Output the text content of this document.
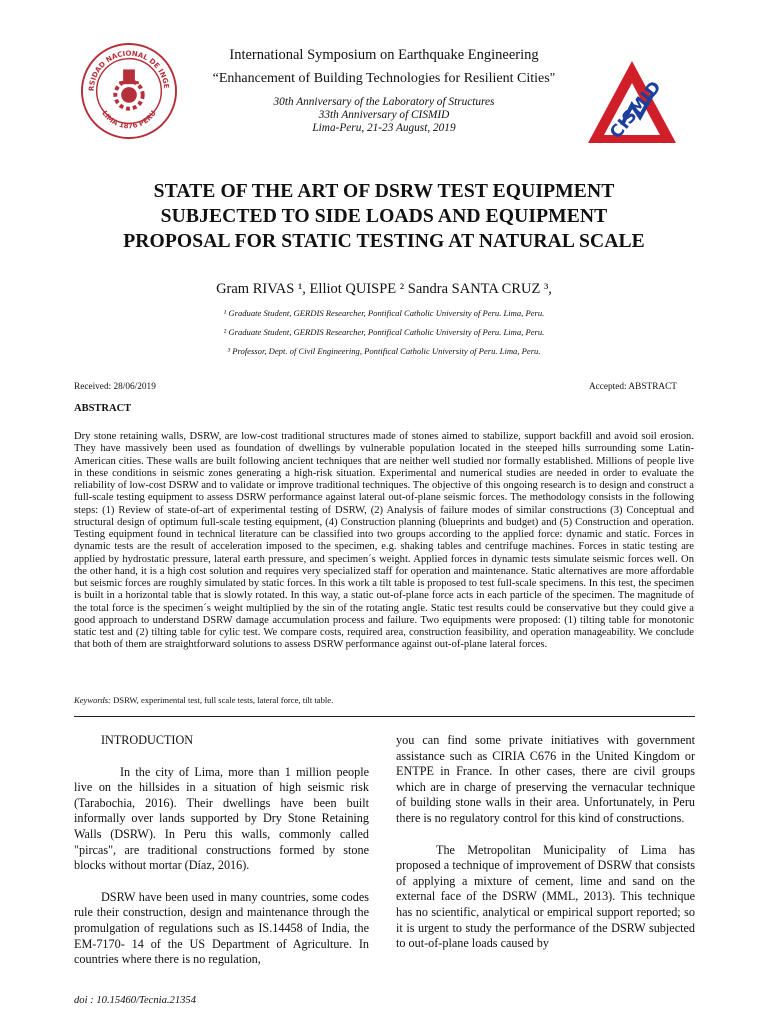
RSIDAD NACIONAL DE INGE
LIMA 1876 PERU	CISMID
International Symposium on Earthquake Engineering
“Enhancement of Building Technologies for Resilient Cities"
30th Anniversary of the Laboratory of Structures
33th Anniversary of CISMID
Lima-Peru, 21-23 August, 2019
STATE OF THE ART OF DSRW TEST EQUIPMENT
SUBJECTED TO SIDE LOADS AND EQUIPMENT
PROPOSAL FOR STATIC TESTING AT NATURAL SCALE
Gram RIVAS ¹, Elliot QUISPE ² Sandra SANTA CRUZ ³,
¹ Graduate Student, GERDIS Researcher, Pontifical Catholic University of Peru. Lima, Peru.
² Graduate Student, GERDIS Researcher, Pontifical Catholic University of Peru. Lima, Peru.
³ Professor, Dept. of Civil Engineering, Pontifical Catholic University of Peru. Lima, Peru.
Received: 28/06/2019	Accepted: ABSTRACT
ABSTRACT
Dry stone retaining walls, DSRW, are low-cost traditional structures made of stones aimed to stabilize, support backfill and avoid soil erosion. They have massively been used as foundation of dwellings by vulnerable population located in the steeped hills surrounding some Latin-American cities. These walls are built following ancient techniques that are neither well studied nor formally established. Millions of people live in these conditions in seismic zones generating a high-risk situation. Experimental and numerical studies are needed in order to evaluate the reliability of low-cost DSRW and to validate or improve traditional techniques. The objective of this ongoing research is to design and construct a full-scale testing equipment to assess DSRW performance against lateral out-of-plane seismic forces. The methodology consists in the following steps: (1) Review of state-of-art of experimental testing of DSRW, (2) Analysis of failure modes of similar constructions (3) Conceptual and structural design of optimum full-scale testing equipment, (4) Construction planning (blueprints and budget) and (5) Construction and operation. Testing equipment found in technical literature can be classified into two groups according to the applied force: dynamic and static. Forces in dynamic tests are the result of acceleration imposed to the specimen, e.g. shaking tables and centrifuge machines. Forces in static testing are applied by hydrostatic pressure, lateral earth pressure, and specimen´s weight. Applied forces in dynamic tests simulate seismic forces well. On the other hand, it is a high cost solution and requires very specialized staff for operation and maintenance. Static alternatives are more affordable but seismic forces are roughly simulated by static forces. In this work a tilt table is proposed to test full-scale specimens. In this test, the specimen is built in a horizontal table that is slowly rotated. In this way, a static out-of-plane force acts in each particle of the specimen. The magnitude of the total force is the specimen´s weight multiplied by the sin of the rotating angle. Static test results could be conservative but they could give a good approach to understand DSRW damage accumulation process and failure. Two equipments were proposed: (1) tilting table for monotonic static test and (2) tilting table for cylic test. We compare costs, required area, construction feasibility, and operation manageability. We conclude that both of them are straightforward solutions to assess DSRW performance against out-of-plane lateral forces.
Keywords: DSRW, experimental test, full scale tests, lateral force, tilt table.

INTRODUCTION

In the city of Lima, more than 1 million people live on the hillsides in a situation of high seismic risk (Tarabochia, 2016). Their dwellings have been built informally over lands supported by Dry Stone Retaining Walls (DSRW). In Peru this walls, commonly called "pircas", are traditional constructions formed by stone blocks without mortar (Díaz, 2016).

DSRW have been used in many countries, some codes rule their construction, design and maintenance through the promulgation of regulations such as IS.14458 of India, the EM-7170- 14 of the US Department of Agriculture. In countries where there is no regulation,

you can find some private initiatives with government assistance such as CIRIA C676 in the United Kingdom or ENTPE in France. In other cases, there are civil groups which are in charge of preserving the vernacular technique of building stone walls in their area. Unfortunately, in Peru there is no regulatory control for this kind of constructions.

The Metropolitan Municipality of Lima has proposed a technique of improvement of DSRW that consists of applying a mixture of cement, lime and sand on the external face of the DSRW (MML, 2013). This technique has no scientific, analytical or empirical support reported; so it is urgent to study the performance of the DSRW subjected to out-of-plane loads caused by

doi : 10.15460/Tecnia.21354
